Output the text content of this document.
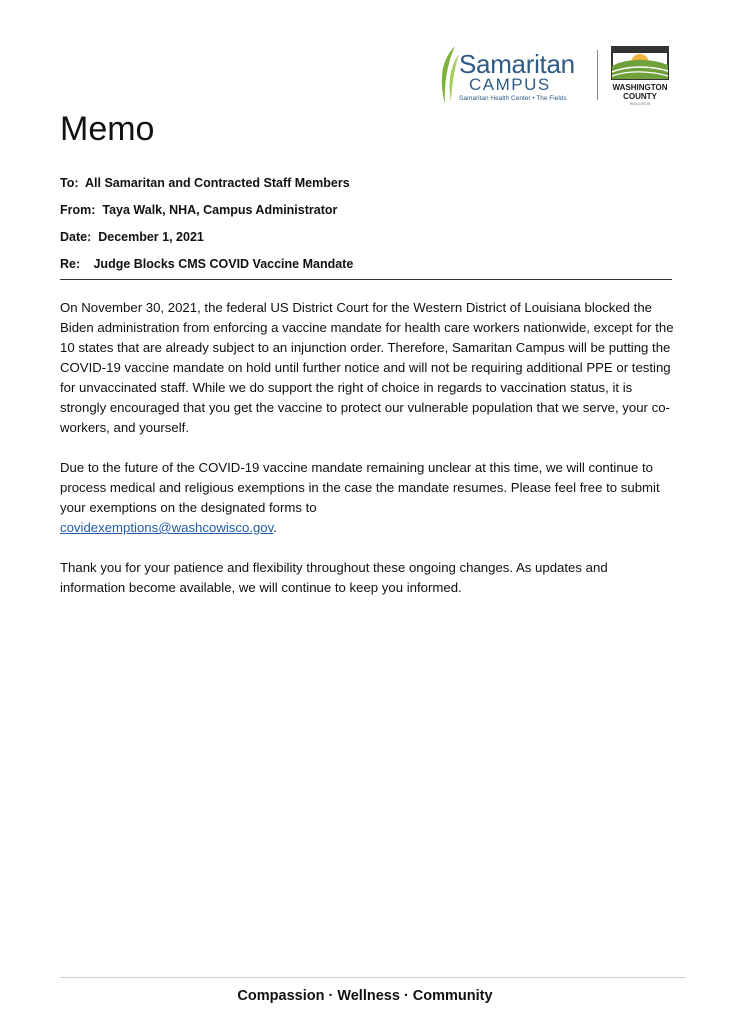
Samaritan
CAMPUS
Samaritan Health Center • The Fields
WASHINGTON COUNTY
WISCONSIN
Memo
To: All Samaritan and Contracted Staff Members
From: Taya Walk, NHA, Campus Administrator
Date: December 1, 2021
Re: Judge Blocks CMS COVID Vaccine Mandate

On November 30, 2021, the federal US District Court for the Western District of Louisiana blocked the Biden administration from enforcing a vaccine mandate for health care workers nationwide, except for the 10 states that are already subject to an injunction order. Therefore, Samaritan Campus will be putting the COVID-19 vaccine mandate on hold until further notice and will not be requiring additional PPE or testing for unvaccinated staff. While we do support the right of choice in regards to vaccination status, it is strongly encouraged that you get the vaccine to protect our vulnerable population that we serve, your co-workers, and yourself.

Due to the future of the COVID-19 vaccine mandate remaining unclear at this time, we will continue to process medical and religious exemptions in the case the mandate resumes. Please feel free to submit your exemptions on the designated forms to
covidexemptions@washcowisco.gov.

Thank you for your patience and flexibility throughout these ongoing changes. As updates and information become available, we will continue to keep you informed.

Compassion · Wellness · Community
